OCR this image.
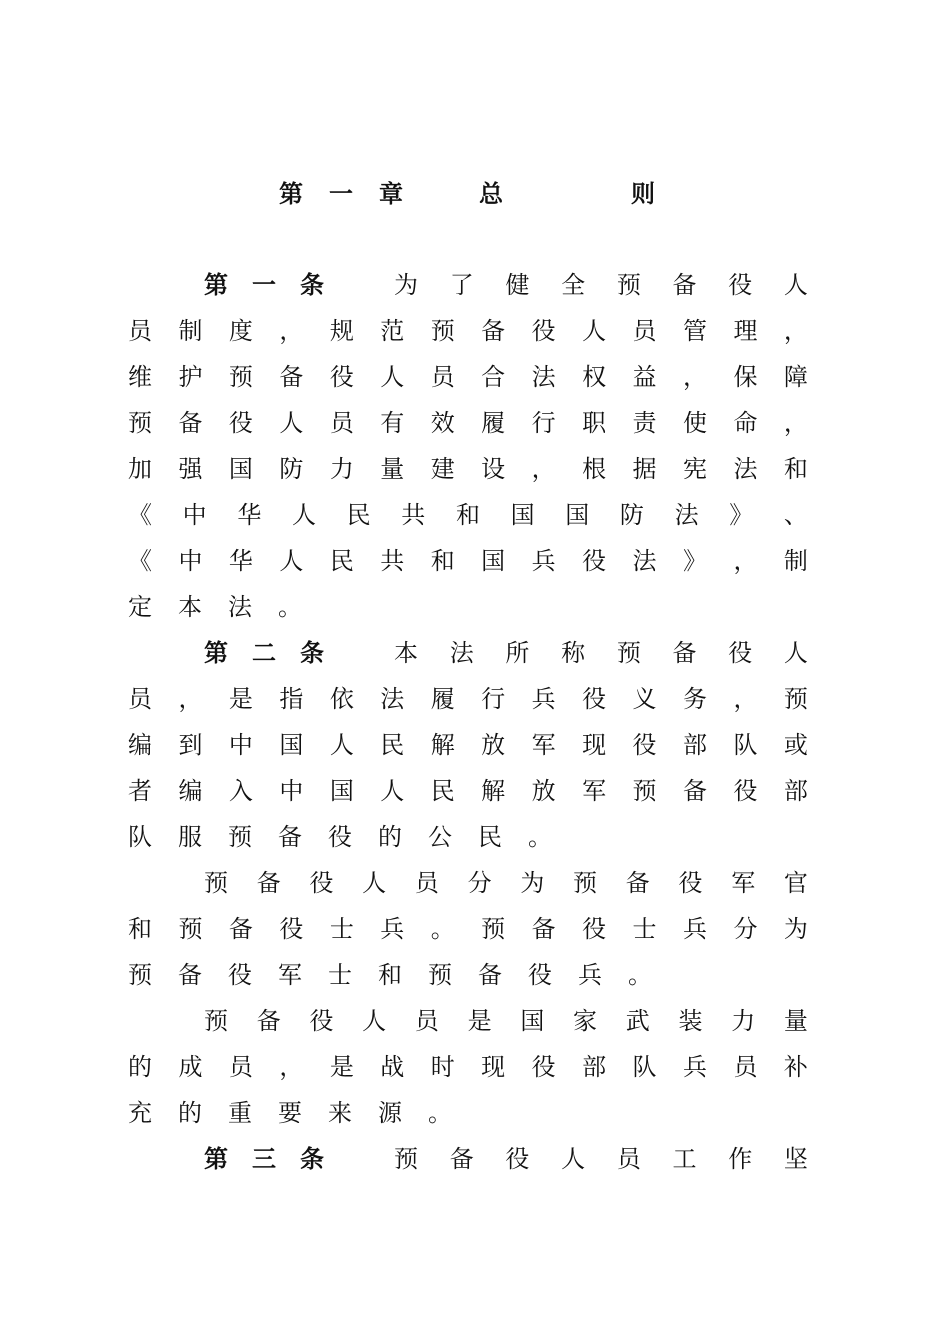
第 一 章	总	则
第一条 为 了 健 全 预 备 役 人
员 制 度 ， 规 范 预 备 役 人 员 管 理 ，
维 护 预 备 役 人 员 合 法 权 益 ， 保 障
预 备 役 人 员 有 效 履 行 职 责 使 命 ，
加 强 国 防 力 量 建 设 ， 根 据 宪 法 和
《 中 华 人 民 共 和 国 国 防 法 》 、
《 中 华 人 民 共 和 国 兵 役 法 》 ， 制
定本法。
第二条 本 法 所 称 预 备 役 人
员 ， 是 指 依 法 履 行 兵 役 义 务 ， 预
编 到 中 国 人 民 解 放 军 现 役 部 队 或
者 编 入 中 国 人 民 解 放 军 预 备 役 部
队服预备役的公民。
预 备 役 人 员 分 为 预 备 役 军 官
和 预 备 役 士 兵 。 预 备 役 士 兵 分 为
预备役军士和预备役兵。
预 备 役 人 员 是 国 家 武 装 力 量
的 成 员 ， 是 战 时 现 役 部 队 兵 员 补
充的重要来源。
第三条 预 备 役 人 员 工 作 坚
